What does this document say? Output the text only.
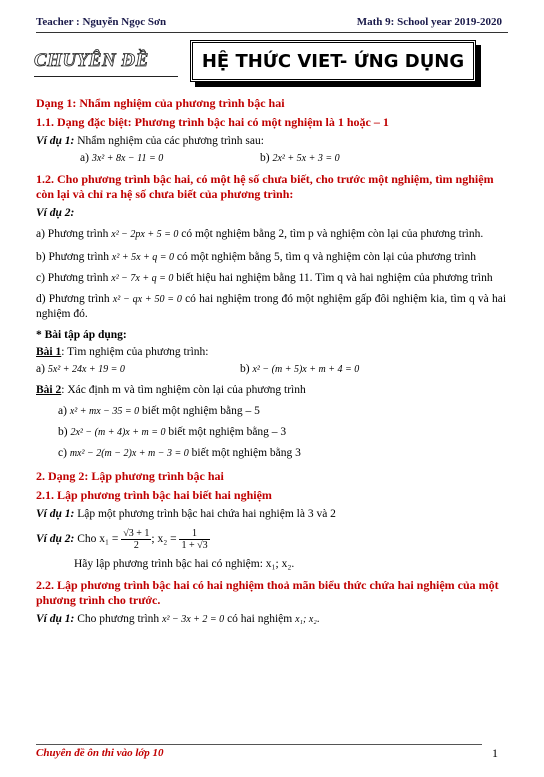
Teacher : Nguyễn Ngọc Sơn	Math 9: School year 2019-2020
CHUYÊN ĐỀ	HỆ THỨC VIET- ỨNG DỤNG

Dạng 1: Nhẩm nghiệm của phương trình bậc hai

1.1. Dạng đặc biệt: Phương trình bậc hai có một nghiệm là 1 hoặc – 1

Ví dụ 1: Nhẩm nghiệm của các phương trình sau:

a) 3x² + 8x − 11 = 0	b) 2x² + 5x + 3 = 0

1.2. Cho phương trình bậc hai, có một hệ số chưa biết, cho trước một nghiệm, tìm nghiệm còn lại và chỉ ra hệ số chưa biết của phương trình:

Ví dụ 2:

a) Phương trình x² − 2px + 5 = 0 có một nghiệm bằng 2, tìm p và nghiệm còn lại của phương trình.

b) Phương trình x² + 5x + q = 0 có một nghiệm bằng 5, tìm q và nghiệm còn lại của phương trình

c) Phương trình x² − 7x + q = 0 biết hiệu hai nghiệm bằng 11. Tìm q và hai nghiệm của phương trình

d) Phương trình x² − qx + 50 = 0 có hai nghiệm trong đó một nghiệm gấp đôi nghiệm kia, tìm q và hai nghiệm đó.

* Bài tập áp dụng:

Bài 1: Tìm nghiệm của phương trình:

a) 5x² + 24x + 19 = 0	b) x² − (m + 5)x + m + 4 = 0

Bài 2: Xác định m và tìm nghiệm còn lại của phương trình

a) x² + mx − 35 = 0 biết một nghiệm bằng – 5

b) 2x² − (m + 4)x + m = 0 biết một nghiệm bằng – 3

c) mx² − 2(m − 2)x + m − 3 = 0 biết một nghiệm bằng 3

2. Dạng 2: Lập phương trình bậc hai

2.1. Lập phương trình bậc hai biết hai nghiệm

Ví dụ 1: Lập một phương trình bậc hai chứa hai nghiệm là 3 và 2

Ví dụ 2: Cho $x_1 = \frac{√3 + 1}{2}$ ; $x_2 = \frac{1}{1 + √3}$

Hãy lập phương trình bậc hai có nghiệm: x₁; x₂.

2.2. Lập phương trình bậc hai có hai nghiệm thoả mãn biểu thức chứa hai nghiệm của một phương trình cho trước.

Ví dụ 1: Cho phương trình x² − 3x + 2 = 0 có hai nghiệm x₁; x₂.

Chuyên đề ôn thi vào lớp 10	1
